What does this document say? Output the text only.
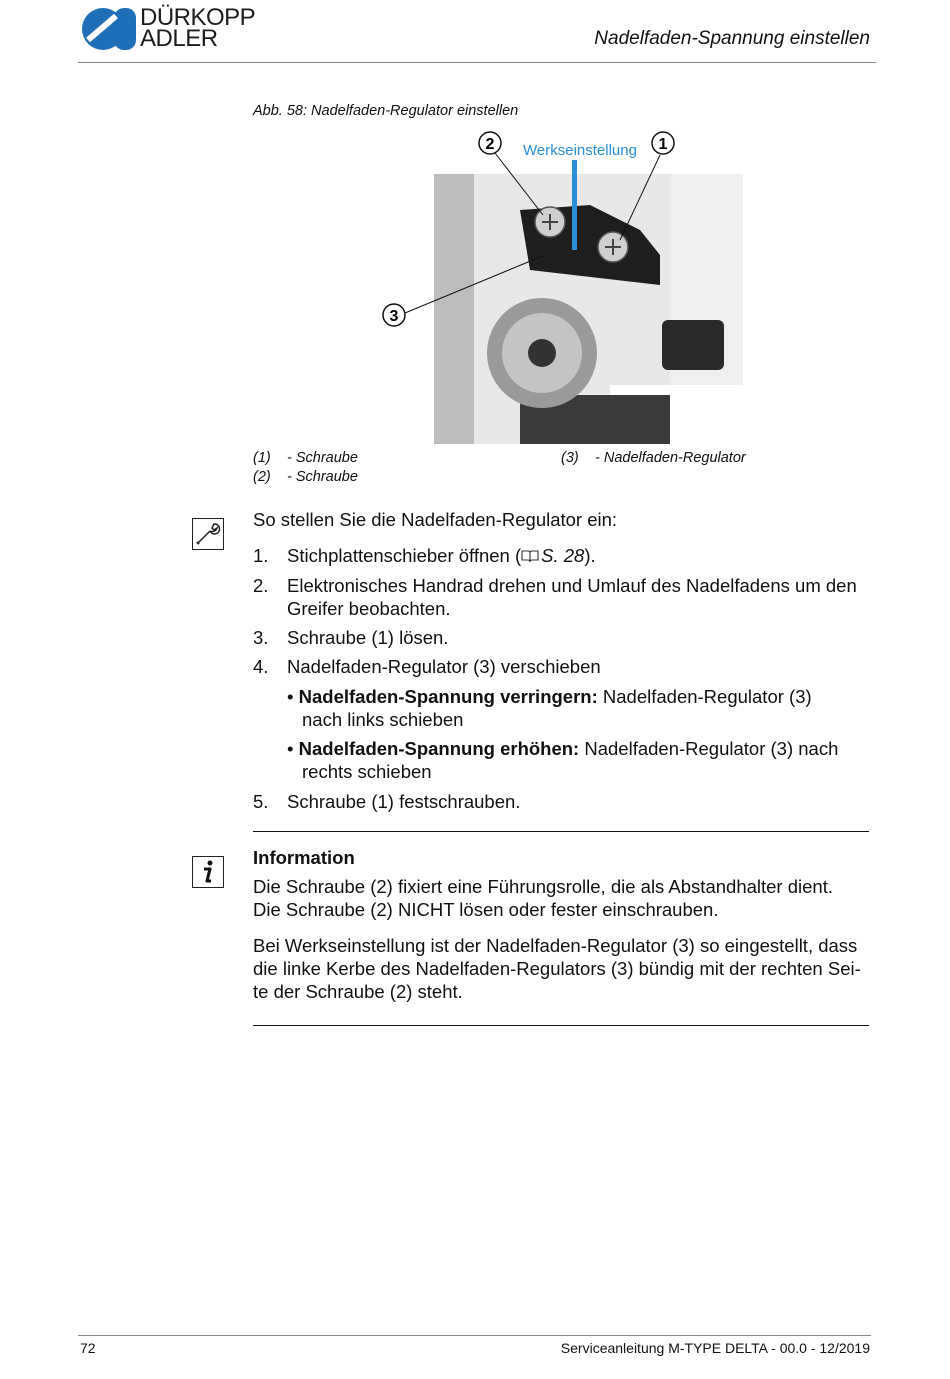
DÜRKOPP
ADLER	Nadelfaden-Spannung einstellen
Abb. 58: Nadelfaden-Regulator einstellen
2	1
3
Werkseinstellung
(1) - Schraube
(2) - Schraube
(3) - Nadelfaden-Regulator
So stellen Sie die Nadelfaden-Regulator ein:
1. Stichplattenschieber öffnen ( S. 28).
2. Elektronisches Handrad drehen und Umlauf des Nadelfadens um den
Greifer beobachten.
3. Schraube (1) lösen.
4. Nadelfaden-Regulator (3) verschieben
• Nadelfaden-Spannung verringern: Nadelfaden-Regulator (3)
nach links schieben
• Nadelfaden-Spannung erhöhen: Nadelfaden-Regulator (3) nach
rechts schieben
5. Schraube (1) festschrauben.
Information
Die Schraube (2) fixiert eine Führungsrolle, die als Abstandhalter dient.
Die Schraube (2) NICHT lösen oder fester einschrauben.
Bei Werkseinstellung ist der Nadelfaden-Regulator (3) so eingestellt, dass
die linke Kerbe des Nadelfaden-Regulators (3) bündig mit der rechten Sei-
te der Schraube (2) steht.
72	Serviceanleitung M-TYPE DELTA - 00.0 - 12/2019
